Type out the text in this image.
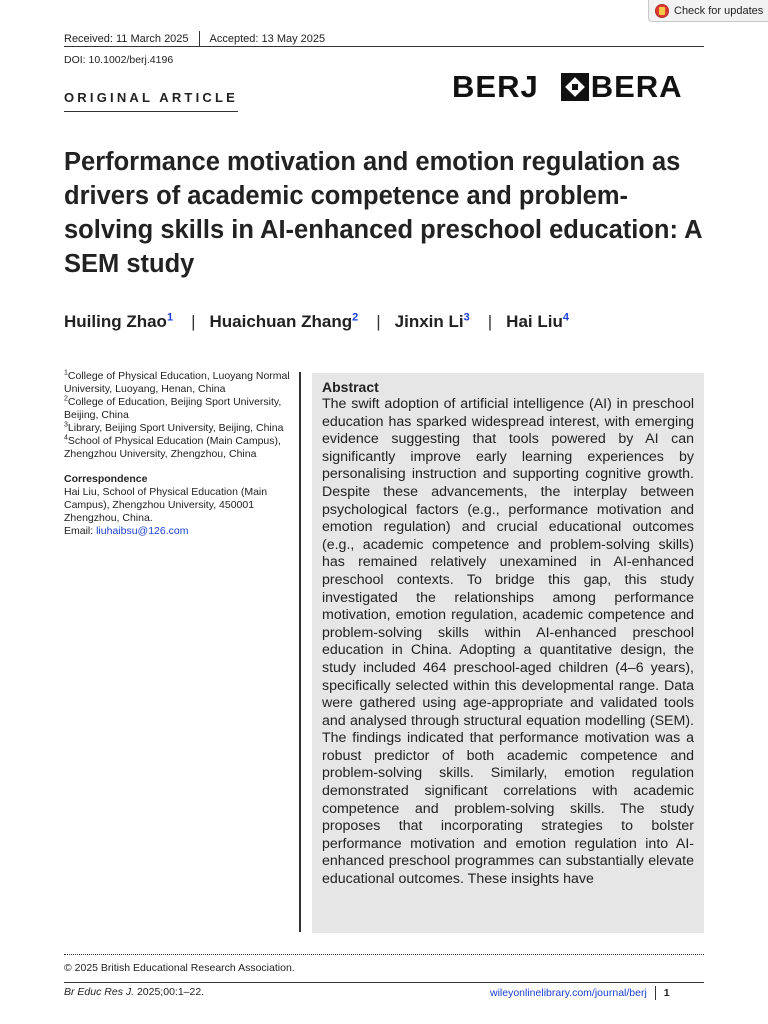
Check for updates
Received: 11 March 2025 Accepted: 13 May 2025
DOI: 10.1002/berj.4196
ORIGINAL ARTICLE	BERJ BERA
Performance motivation and emotion regulation as drivers of academic competence and problem-solving skills in AI-enhanced preschool education: A SEM study
Huiling Zhao$^1$ | Huaichuan Zhang$^2$ | Jinxin Li$^3$ | Hai Liu$^4$
$^1$College of Physical Education, Luoyang Normal University, Luoyang, Henan, China
$^2$College of Education, Beijing Sport University, Beijing, China
$^3$Library, Beijing Sport University, Beijing, China
$^4$School of Physical Education (Main Campus), Zhengzhou University, Zhengzhou, China
Correspondence
Hai Liu, School of Physical Education (Main Campus), Zhengzhou University, 450001 Zhengzhou, China.
Email: liuhaibsu@126.com
Abstract

The swift adoption of artificial intelligence (AI) in preschool education has sparked widespread interest, with emerging evidence suggesting that tools powered by AI can significantly improve early learning experiences by personalising instruction and supporting cognitive growth. Despite these advancements, the interplay between psychological factors (e.g., performance motivation and emotion regulation) and crucial educational outcomes (e.g., academic competence and problem-solving skills) has remained relatively unexamined in AI-enhanced preschool contexts. To bridge this gap, this study investigated the relationships among performance motivation, emotion regulation, academic competence and problem-solving skills within AI-enhanced preschool education in China. Adopting a quantitative design, the study included 464 preschool-aged children (4–6 years), specifically selected within this developmental range. Data were gathered using age-appropriate and validated tools and analysed through structural equation modelling (SEM). The findings indicated that performance motivation was a robust predictor of both academic competence and problem-solving skills. Similarly, emotion regulation demonstrated significant correlations with academic competence and problem-solving skills. The study proposes that incorporating strategies to bolster performance motivation and emotion regulation into AI-enhanced preschool programmes can substantially elevate educational outcomes. These insights have

© 2025 British Educational Research Association.
Br Educ Res J. 2025;00:1–22.	wileyonlinelibrary.com/journal/berj 1
